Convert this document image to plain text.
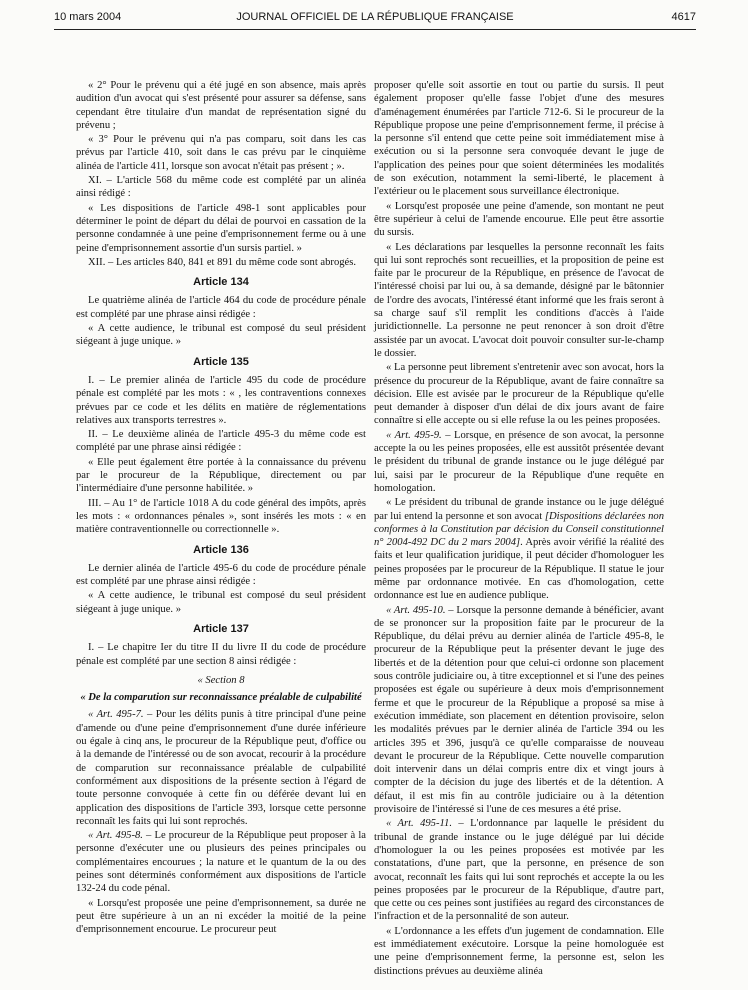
10 mars 2004	JOURNAL OFFICIEL DE LA RÉPUBLIQUE FRANÇAISE	4617

« 2° Pour le prévenu qui a été jugé en son absence, mais après audition d'un avocat qui s'est présenté pour assurer sa défense, sans cependant être titulaire d'un mandat de représentation signé du prévenu ;

« 3° Pour le prévenu qui n'a pas comparu, soit dans les cas prévus par l'article 410, soit dans le cas prévu par le cinquième alinéa de l'article 411, lorsque son avocat n'était pas présent ; ».

XI. – L'article 568 du même code est complété par un alinéa ainsi rédigé :

« Les dispositions de l'article 498-1 sont applicables pour déterminer le point de départ du délai de pourvoi en cassation de la personne condamnée à une peine d'emprisonnement ferme ou à une peine d'emprisonnement assortie d'un sursis partiel. »

XII. – Les articles 840, 841 et 891 du même code sont abrogés.

Article 134

Le quatrième alinéa de l'article 464 du code de procédure pénale est complété par une phrase ainsi rédigée :

« A cette audience, le tribunal est composé du seul président siégeant à juge unique. »

Article 135

I. – Le premier alinéa de l'article 495 du code de procédure pénale est complété par les mots : « , les contraventions connexes prévues par ce code et les délits en matière de réglementations relatives aux transports terrestres ».

II. – Le deuxième alinéa de l'article 495-3 du même code est complété par une phrase ainsi rédigée :

« Elle peut également être portée à la connaissance du prévenu par le procureur de la République, directement ou par l'intermédiaire d'une personne habilitée. »

III. – Au 1° de l'article 1018 A du code général des impôts, après les mots : « ordonnances pénales », sont insérés les mots : « en matière contraventionnelle ou correctionnelle ».

Article 136

Le dernier alinéa de l'article 495-6 du code de procédure pénale est complété par une phrase ainsi rédigée :

« A cette audience, le tribunal est composé du seul président siégeant à juge unique. »

Article 137

I. – Le chapitre Ier du titre II du livre II du code de procédure pénale est complété par une section 8 ainsi rédigée :

« Section 8
« De la comparution sur reconnaissance préalable de culpabilité

« Art. 495-7. – Pour les délits punis à titre principal d'une peine d'amende ou d'une peine d'emprisonnement d'une durée inférieure ou égale à cinq ans, le procureur de la République peut, d'office ou à la demande de l'intéressé ou de son avocat, recourir à la procédure de comparution sur reconnaissance préalable de culpabilité conformément aux dispositions de la présente section à l'égard de toute personne convoquée à cette fin ou déférée devant lui en application des dispositions de l'article 393, lorsque cette personne reconnaît les faits qui lui sont reprochés.

« Art. 495-8. – Le procureur de la République peut proposer à la personne d'exécuter une ou plusieurs des peines principales ou complémentaires encourues ; la nature et le quantum de la ou des peines sont déterminés conformément aux dispositions de l'article 132-24 du code pénal.

« Lorsqu'est proposée une peine d'emprisonnement, sa durée ne peut être supérieure à un an ni excéder la moitié de la peine d'emprisonnement encourue. Le procureur peut

proposer qu'elle soit assortie en tout ou partie du sursis. Il peut également proposer qu'elle fasse l'objet d'une des mesures d'aménagement énumérées par l'article 712-6. Si le procureur de la République propose une peine d'emprisonnement ferme, il précise à la personne s'il entend que cette peine soit immédiatement mise à exécution ou si la personne sera convoquée devant le juge de l'application des peines pour que soient déterminées les modalités de son exécution, notamment la semi-liberté, le placement à l'extérieur ou le placement sous surveillance électronique.

« Lorsqu'est proposée une peine d'amende, son montant ne peut être supérieur à celui de l'amende encourue. Elle peut être assortie du sursis.

« Les déclarations par lesquelles la personne reconnaît les faits qui lui sont reprochés sont recueillies, et la proposition de peine est faite par le procureur de la République, en présence de l'avocat de l'intéressé choisi par lui ou, à sa demande, désigné par le bâtonnier de l'ordre des avocats, l'intéressé étant informé que les frais seront à sa charge sauf s'il remplit les conditions d'accès à l'aide juridictionnelle. La personne ne peut renoncer à son droit d'être assistée par un avocat. L'avocat doit pouvoir consulter sur-le-champ le dossier.

« La personne peut librement s'entretenir avec son avocat, hors la présence du procureur de la République, avant de faire connaître sa décision. Elle est avisée par le procureur de la République qu'elle peut demander à disposer d'un délai de dix jours avant de faire connaître si elle accepte ou si elle refuse la ou les peines proposées.

« Art. 495-9. – Lorsque, en présence de son avocat, la personne accepte la ou les peines proposées, elle est aussitôt présentée devant le président du tribunal de grande instance ou le juge délégué par lui, saisi par le procureur de la République d'une requête en homologation.

« Le président du tribunal de grande instance ou le juge délégué par lui entend la personne et son avocat [Dispositions déclarées non conformes à la Constitution par décision du Conseil constitutionnel n° 2004-492 DC du 2 mars 2004]. Après avoir vérifié la réalité des faits et leur qualification juridique, il peut décider d'homologuer les peines proposées par le procureur de la République. Il statue le jour même par ordonnance motivée. En cas d'homologation, cette ordonnance est lue en audience publique.

« Art. 495-10. – Lorsque la personne demande à bénéficier, avant de se prononcer sur la proposition faite par le procureur de la République, du délai prévu au dernier alinéa de l'article 495-8, le procureur de la République peut la présenter devant le juge des libertés et de la détention pour que celui-ci ordonne son placement sous contrôle judiciaire ou, à titre exceptionnel et si l'une des peines proposées est égale ou supérieure à deux mois d'emprisonnement ferme et que le procureur de la République a proposé sa mise à exécution immédiate, son placement en détention provisoire, selon les modalités prévues par le dernier alinéa de l'article 394 ou les articles 395 et 396, jusqu'à ce qu'elle comparaisse de nouveau devant le procureur de la République. Cette nouvelle comparution doit intervenir dans un délai compris entre dix et vingt jours à compter de la décision du juge des libertés et de la détention. A défaut, il est mis fin au contrôle judiciaire ou à la détention provisoire de l'intéressé si l'une de ces mesures a été prise.

« Art. 495-11. – L'ordonnance par laquelle le président du tribunal de grande instance ou le juge délégué par lui décide d'homologuer la ou les peines proposées est motivée par les constatations, d'une part, que la personne, en présence de son avocat, reconnaît les faits qui lui sont reprochés et accepte la ou les peines proposées par le procureur de la République, d'autre part, que cette ou ces peines sont justifiées au regard des circonstances de l'infraction et de la personnalité de son auteur.

« L'ordonnance a les effets d'un jugement de condamnation. Elle est immédiatement exécutoire. Lorsque la peine homologuée est une peine d'emprisonnement ferme, la personne est, selon les distinctions prévues au deuxième alinéa
